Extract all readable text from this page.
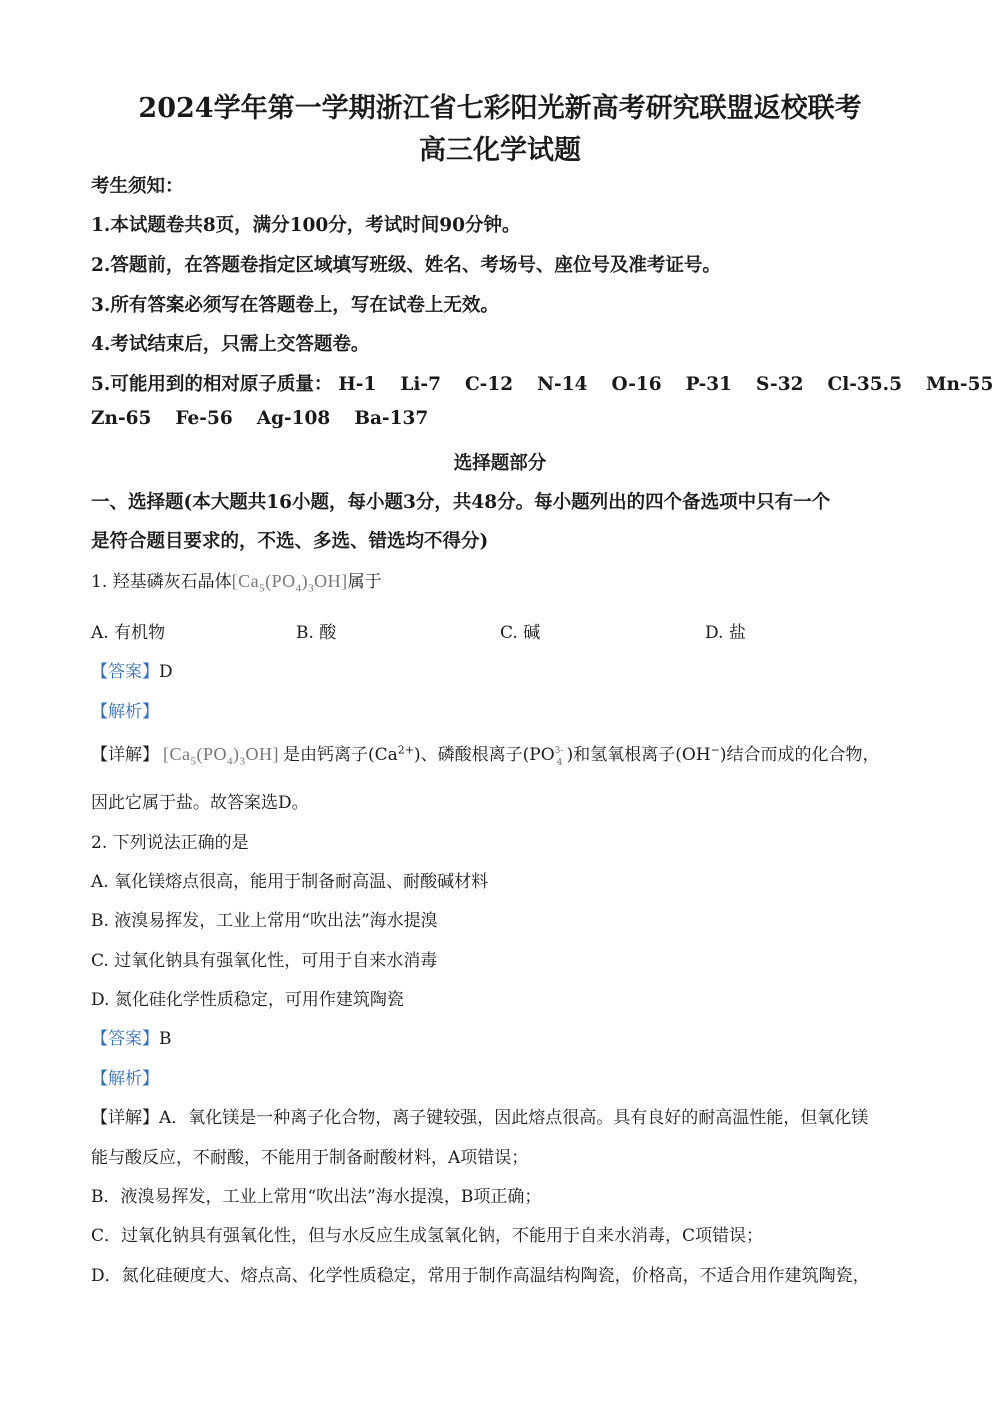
2024学年第一学期浙江省七彩阳光新高考研究联盟返校联考
高三化学试题
考生须知：
1.本试题卷共8页，满分100分，考试时间90分钟。
2.答题前，在答题卷指定区域填写班级、姓名、考场号、座位号及准考证号。
3.所有答案必须写在答题卷上，写在试卷上无效。
4.考试结束后，只需上交答题卷。
5.可能用到的相对原子质量： H-1 Li-7 C-12 N-14 O-16 P-31 S-32 Cl-35.5 Mn-55
Zn-65 Fe-56 Ag-108 Ba-137
选择题部分
一、选择题(本大题共16小题，每小题3分，共48分。每小题列出的四个备选项中只有一个
是符合题目要求的，不选、多选、错选均不得分)
1. 羟基磷灰石晶体$[Ca_5(PO_4)_3OH]$属于
A. 有机物	B. 酸	C. 碱	D. 盐
【答案】D
【解析】
【详解】 $[Ca_5(PO_4)_3OH]$ 是由钙离子$(Ca^{2+})$、磷酸根离子(PO 3-
4 )和氢氧根离子(OH−)结合而成的化合物，
因此它属于盐。故答案选D。
2. 下列说法正确的是
A. 氧化镁熔点很高，能用于制备耐高温、耐酸碱材料
B. 液溴易挥发，工业上常用“吹出法”海水提溴
C. 过氧化钠具有强氧化性，可用于自来水消毒
D. 氮化硅化学性质稳定，可用作建筑陶瓷
【答案】B
【解析】
【详解】A．氧化镁是一种离子化合物，离子键较强，因此熔点很高。具有良好的耐高温性能，但氧化镁
能与酸反应，不耐酸，不能用于制备耐酸材料，A项错误；
B．液溴易挥发，工业上常用“吹出法”海水提溴，B项正确；
C．过氧化钠具有强氧化性，但与水反应生成氢氧化钠，不能用于自来水消毒，C项错误；
D．氮化硅硬度大、熔点高、化学性质稳定，常用于制作高温结构陶瓷，价格高，不适合用作建筑陶瓷，
